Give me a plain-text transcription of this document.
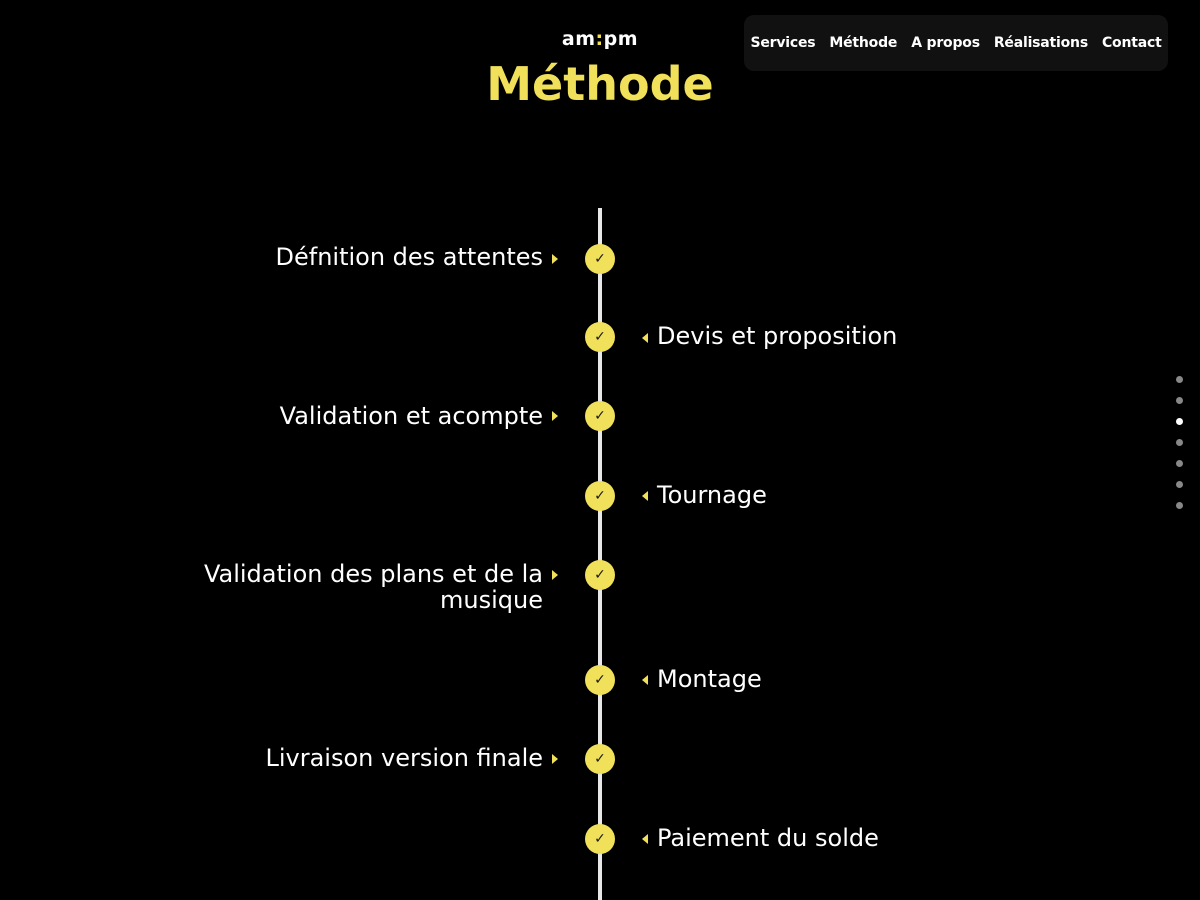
am:pm
Méthode
Services	Méthode	A propos	Réalisations	Contact
Défnition des attentes	✓
✓	Devis et proposition
Validation et acompte	✓
✓	Tournage
Validation des plans et de la musique
✓
✓	Montage
Livraison version finale	✓
✓	Paiement du solde
